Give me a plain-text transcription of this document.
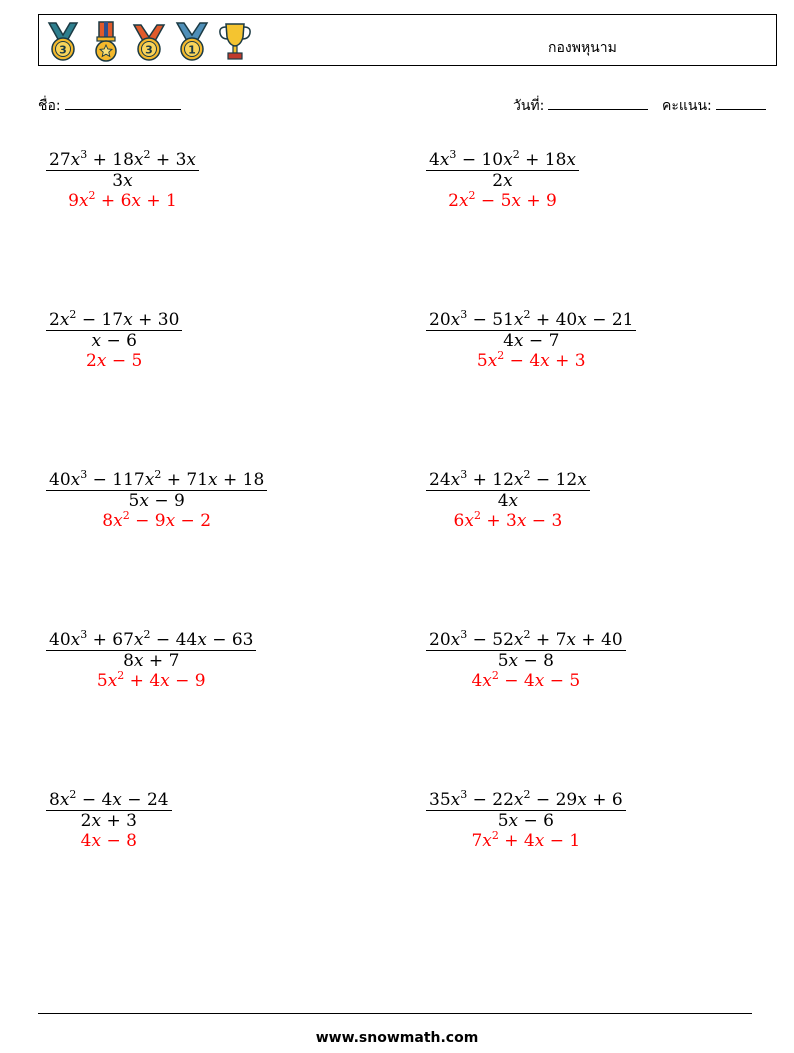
3	3	1	กองพหุนาม
ชื่อ:	วันที่:	คะแนน:
$27x^3 + 18x^2 + 3x$
3x
$9x^2 + 6x + 1$
$4x^3 - 10x^2 + 18x$
2x
$2x^2 - 5x + 9$
$2x^2 - 17x + 30$
x − 6
2x − 5
$20x^3 - 51x^2 + 40x - 21$
4x − 7
$5x^2 - 4x + 3$
$40x^3 - 117x^2 + 71x + 18$
5x − 9
$8x^2 - 9x - 2$
$24x^3 + 12x^2 - 12x$
4x
$6x^2 + 3x - 3$
$40x^3 + 67x^2 - 44x - 63$
8x + 7
$5x^2 + 4x - 9$
$20x^3 - 52x^2 + 7x + 40$
5x − 8
$4x^2 - 4x - 5$
$8x^2 - 4x - 24$
2x + 3
4x − 8
$35x^3 - 22x^2 - 29x + 6$
5x − 6
$7x^2 + 4x - 1$
www.snowmath.com
